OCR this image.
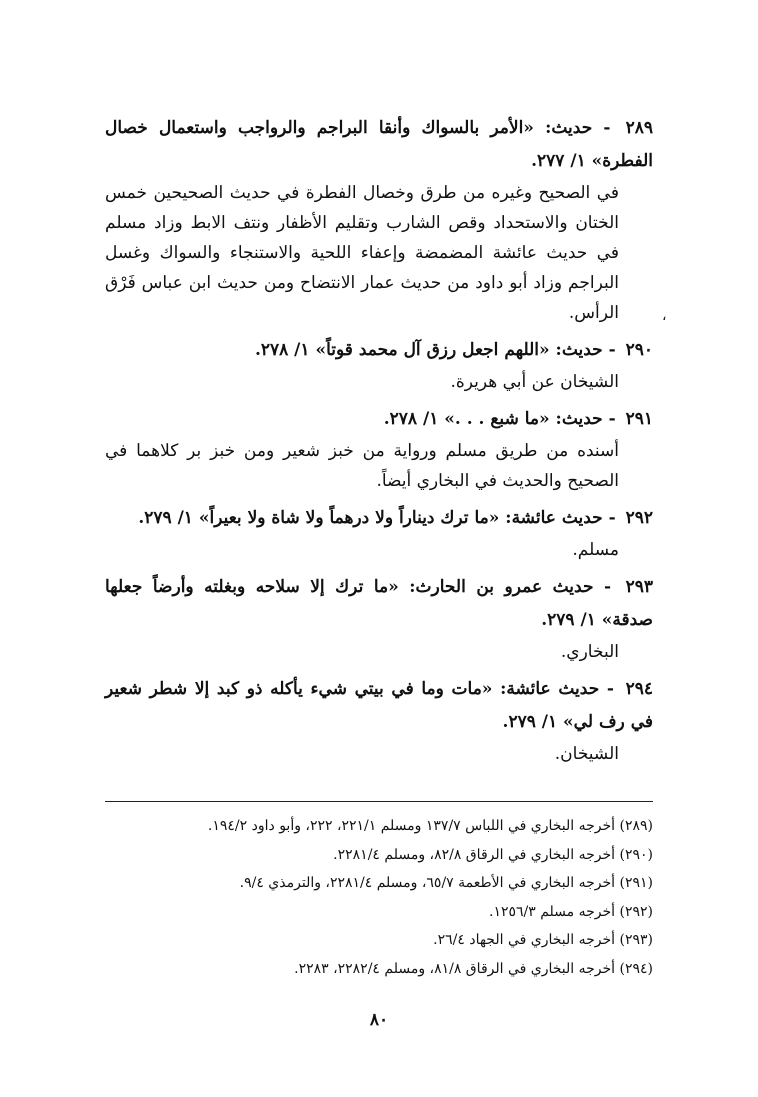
٢٨٩ - حديث: «الأمر بالسواك وأنقا البراجم والرواجب واستعمال خصال الفطرة» ١/ ٢٧٧.
في الصحيح وغيره من طرق وخصال الفطرة في حديث الصحيحين خمس الختان والاستحداد وقص الشارب وتقليم الأظفار ونتف الابط وزاد مسلم في حديث عائشة المضمضة وإعفاء اللحية والاستنجاء والسواك وغسل البراجم وزاد أبو داود من حديث عمار الانتضاح ومن حديث ابن عباس فَرْق الرأس.
٢٩٠ - حديث: «اللهم اجعل رزق آل محمد قوتاً» ١/ ٢٧٨.
الشيخان عن أبي هريرة.
٢٩١ - حديث: «ما شبع . . .» ١/ ٢٧٨.
أسنده من طريق مسلم ورواية من خبز شعير ومن خبز بر كلاهما في الصحيح والحديث في البخاري أيضاً.
٢٩٢ - حديث عائشة: «ما ترك ديناراً ولا درهماً ولا شاة ولا بعيراً» ١/ ٢٧٩.
مسلم.
٢٩٣ - حديث عمرو بن الحارث: «ما ترك إلا سلاحه وبغلته وأرضاً جعلها صدقة» ١/ ٢٧٩.
البخاري.
٢٩٤ - حديث عائشة: «مات وما في بيتي شيء يأكله ذو كبد إلا شطر شعير في رف لي» ١/ ٢٧٩.
الشيخان.
،
(٢٨٩) أخرجه البخاري في اللباس ١٣٧/٧ ومسلم ٢٢١/١، ٢٢٢، وأبو داود ١٩٤/٢.
(٢٩٠) أخرجه البخاري في الرقاق ٨٢/٨، ومسلم ٢٢٨١/٤.
(٢٩١) أخرجه البخاري في الأطعمة ٦٥/٧، ومسلم ٢٢٨١/٤، والترمذي ٩/٤.
(٢٩٢) أخرجه مسلم ١٢٥٦/٣.
(٢٩٣) أخرجه البخاري في الجهاد ٢٦/٤.
(٢٩٤) أخرجه البخاري في الرقاق ٨١/٨، ومسلم ٢٢٨٢/٤، ٢٢٨٣.
٨٠
